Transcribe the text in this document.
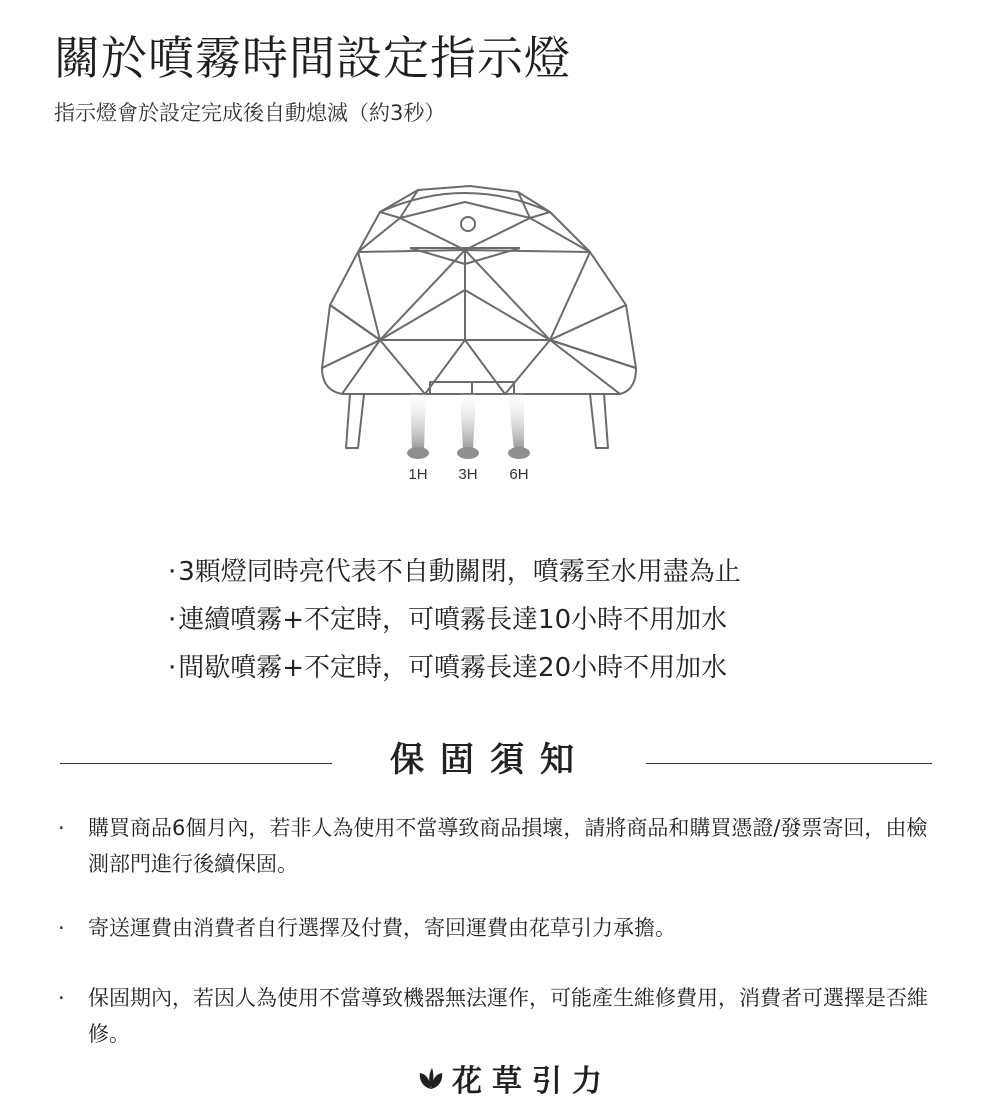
關於噴霧時間設定指示燈

指示燈會於設定完成後自動熄滅（約3秒）

1H 3H 6H
·3顆燈同時亮代表不自動關閉，噴霧至水用盡為止
·連續噴霧+不定時，可噴霧長達10小時不用加水
·間歇噴霧+不定時，可噴霧長達20小時不用加水
保固須知
· 購買商品6個月內，若非人為使用不當導致商品損壞，請將商品和購買憑證/發票寄回，由檢測部門進行後續保固。
· 寄送運費由消費者自行選擇及付費，寄回運費由花草引力承擔。
· 保固期內，若因人為使用不當導致機器無法運作，可能產生維修費用，消費者可選擇是否維修。
花草引力
